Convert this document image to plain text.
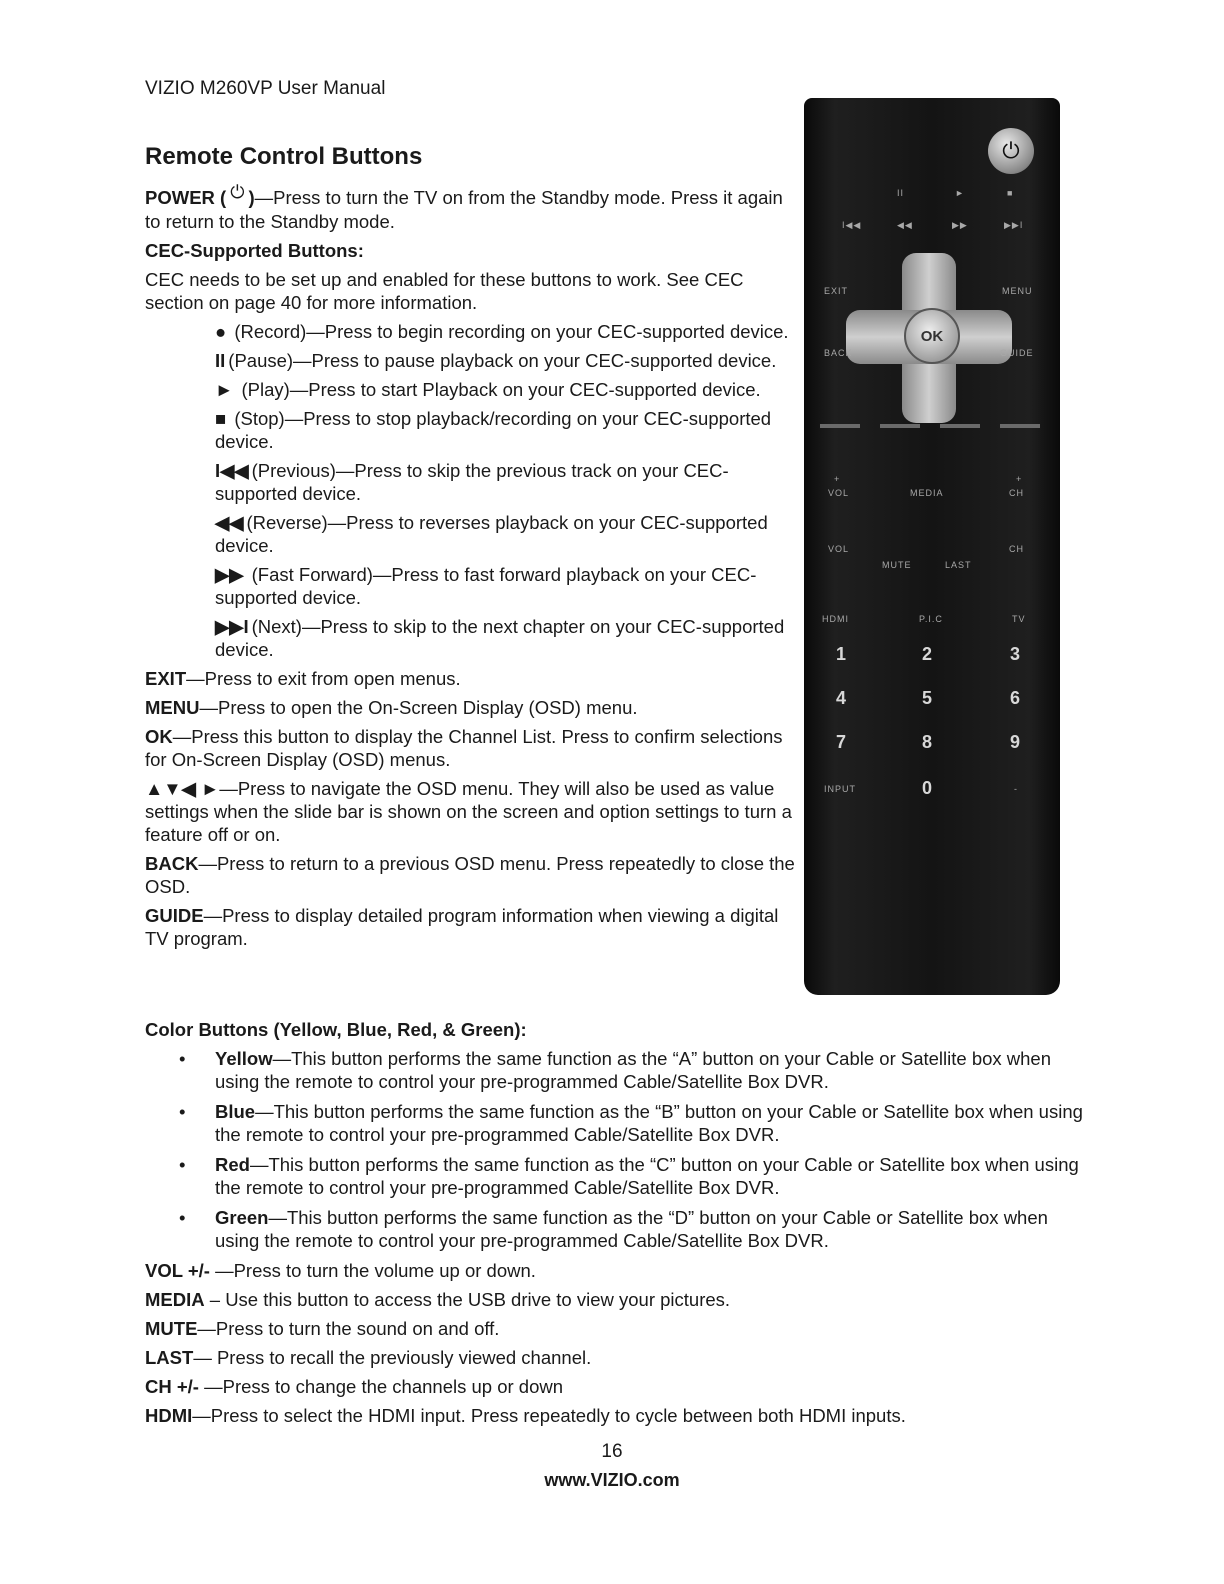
VIZIO M260VP User Manual
Remote Control Buttons

POWER ( ⏻ )—Press to turn the TV on from the Standby mode. Press it again to return to the Standby mode.

CEC-Supported Buttons:

CEC needs to be set up and enabled for these buttons to work. See CEC section on page 40 for more information.

● (Record)—Press to begin recording on your CEC-supported device.

II (Pause)—Press to pause playback on your CEC-supported device.

► (Play)—Press to start Playback on your CEC-supported device.

■ (Stop)—Press to stop playback/recording on your CEC-supported device.

I◀◀ (Previous)—Press to skip the previous track on your CEC-supported device.

◀◀ (Reverse)—Press to reverses playback on your CEC-supported device.

▶▶ (Fast Forward)—Press to fast forward playback on your CEC-supported device.

▶▶I (Next)—Press to skip to the next chapter on your CEC-supported device.

EXIT—Press to exit from open menus.

MENU—Press to open the On-Screen Display (OSD) menu.

OK—Press this button to display the Channel List. Press to confirm selections for On-Screen Display (OSD) menus.

▲▼◀ ►—Press to navigate the OSD menu. They will also be used as value settings when the slide bar is shown on the screen and option settings to turn a feature off or on.

BACK—Press to return to a previous OSD menu. Press repeatedly to close the OSD.

GUIDE—Press to display detailed program information when viewing a digital TV program.

Color Buttons (Yellow, Blue, Red, & Green):

• Yellow—This button performs the same function as the “A” button on your Cable or Satellite box when using the remote to control your pre-programmed Cable/Satellite Box DVR.

• Blue—This button performs the same function as the “B” button on your Cable or Satellite box when using the remote to control your pre-programmed Cable/Satellite Box DVR.

• Red—This button performs the same function as the “C” button on your Cable or Satellite box when using the remote to control your pre-programmed Cable/Satellite Box DVR.

• Green—This button performs the same function as the “D” button on your Cable or Satellite box when using the remote to control your pre-programmed Cable/Satellite Box DVR.

VOL +/- —Press to turn the volume up or down.

MEDIA – Use this button to access the USB drive to view your pictures.

MUTE—Press to turn the sound on and off.

LAST— Press to recall the previously viewed channel.

CH +/- —Press to change the channels up or down

HDMI—Press to select the HDMI input. Press repeatedly to cycle between both HDMI inputs.

16
www.VIZIO.com
⏻
II	►	■
I◀◀	◀◀	▶▶	▶▶I
EXIT	MENU
OK
BACK	GUIDE
+
VOL	MEDIA
+
CH
VOL	CH
MUTE	LAST
HDMI	P.I.C	TV
1	2	3
4	5	6
7	8	9
INPUT	0	-
